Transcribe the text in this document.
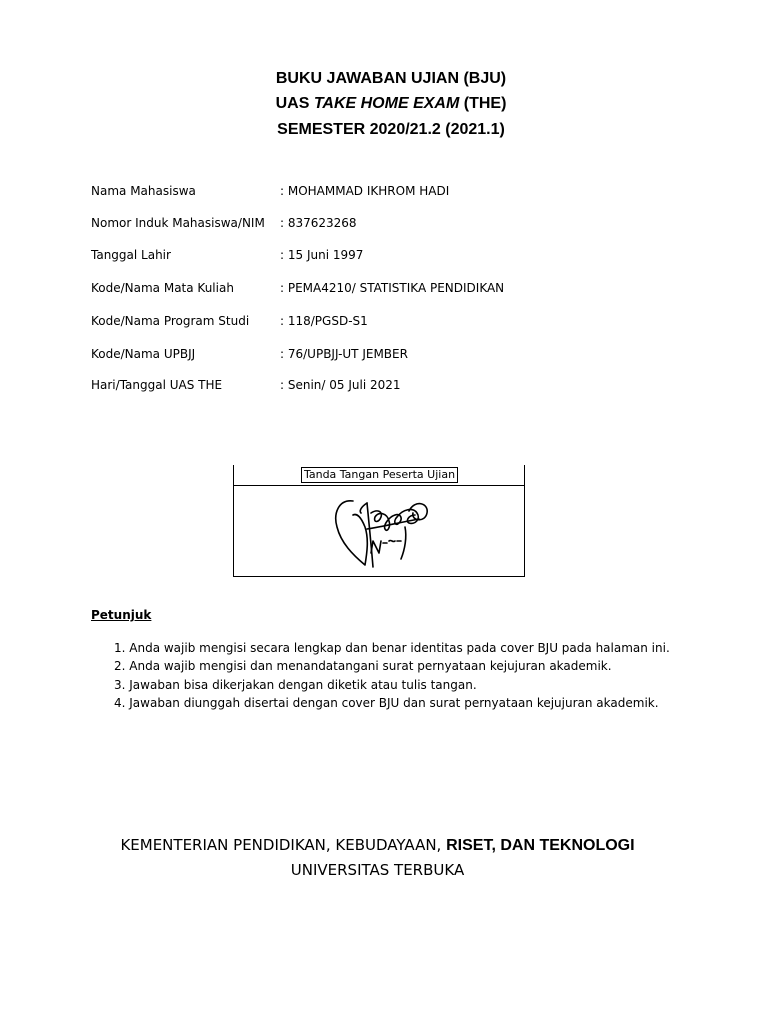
BUKU JAWABAN UJIAN (BJU)
UAS TAKE HOME EXAM (THE)
SEMESTER 2020/21.2 (2021.1)
Nama Mahasiswa	: MOHAMMAD IKHROM HADI
Nomor Induk Mahasiswa/NIM : 837623268
Tanggal Lahir	: 15 Juni 1997
Kode/Nama Mata Kuliah	: PEMA4210/ STATISTIKA PENDIDIKAN
Kode/Nama Program Studi	: 118/PGSD-S1
Kode/Nama UPBJJ	: 76/UPBJJ-UT JEMBER
Hari/Tanggal UAS THE	: Senin/ 05 Juli 2021
Tanda Tangan Peserta Ujian
Petunjuk
1. Anda wajib mengisi secara lengkap dan benar identitas pada cover BJU pada halaman ini.
2. Anda wajib mengisi dan menandatangani surat pernyataan kejujuran akademik.
3. Jawaban bisa dikerjakan dengan diketik atau tulis tangan.
4. Jawaban diunggah disertai dengan cover BJU dan surat pernyataan kejujuran akademik.
KEMENTERIAN PENDIDIKAN, KEBUDAYAAN, RISET, DAN TEKNOLOGI
UNIVERSITAS TERBUKA
